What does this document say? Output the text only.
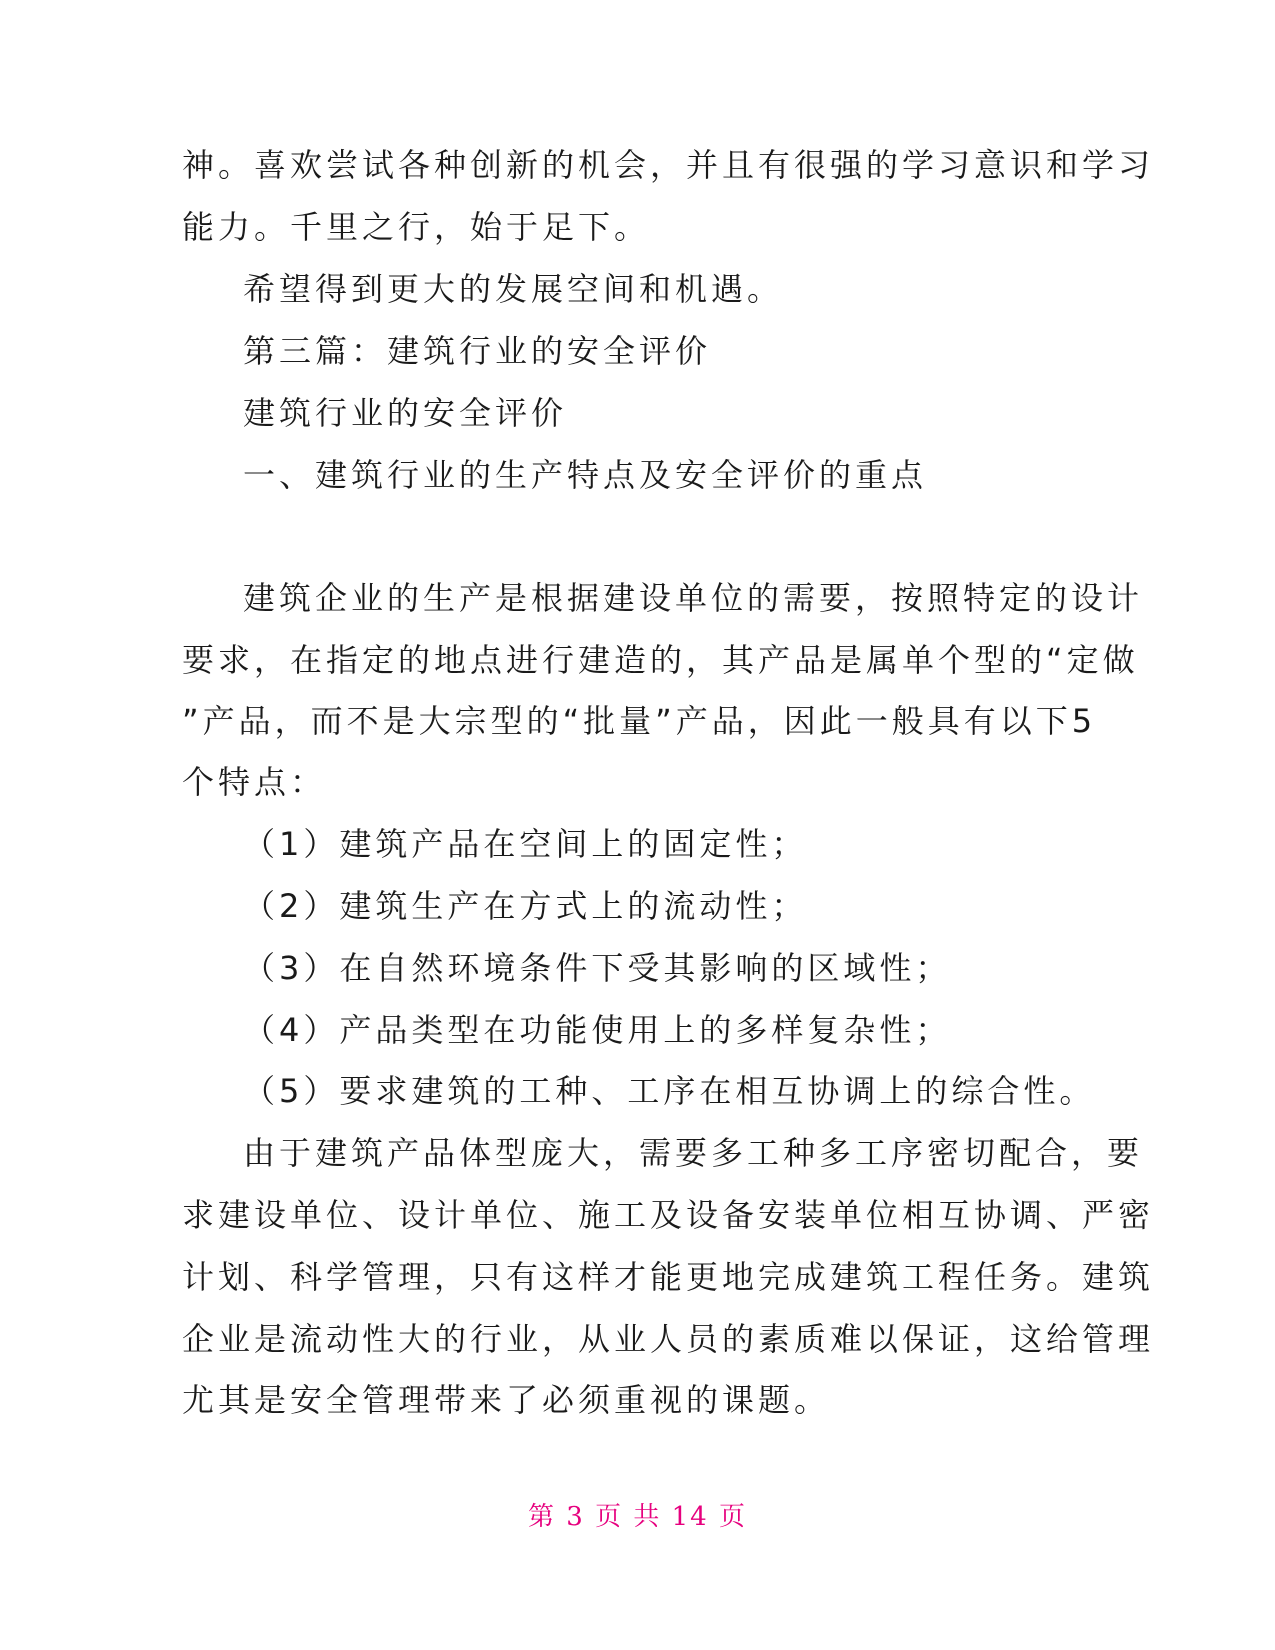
神。喜欢尝试各种创新的机会，并且有很强的学习意识和学习
能力。千里之行，始于足下。
希望得到更大的发展空间和机遇。
第三篇：建筑行业的安全评价
建筑行业的安全评价
一、建筑行业的生产特点及安全评价的重点
建筑企业的生产是根据建设单位的需要，按照特定的设计
要求，在指定的地点进行建造的，其产品是属单个型的“定做
”产品，而不是大宗型的“批量”产品，因此一般具有以下5
个特点：
（1）建筑产品在空间上的固定性；
（2）建筑生产在方式上的流动性；
（3）在自然环境条件下受其影响的区域性；
（4）产品类型在功能使用上的多样复杂性；
（5）要求建筑的工种、工序在相互协调上的综合性。
由于建筑产品体型庞大，需要多工种多工序密切配合，要
求建设单位、设计单位、施工及设备安装单位相互协调、严密
计划、科学管理，只有这样才能更地完成建筑工程任务。建筑
企业是流动性大的行业，从业人员的素质难以保证，这给管理
尤其是安全管理带来了必须重视的课题。
第 3 页 共 14 页
